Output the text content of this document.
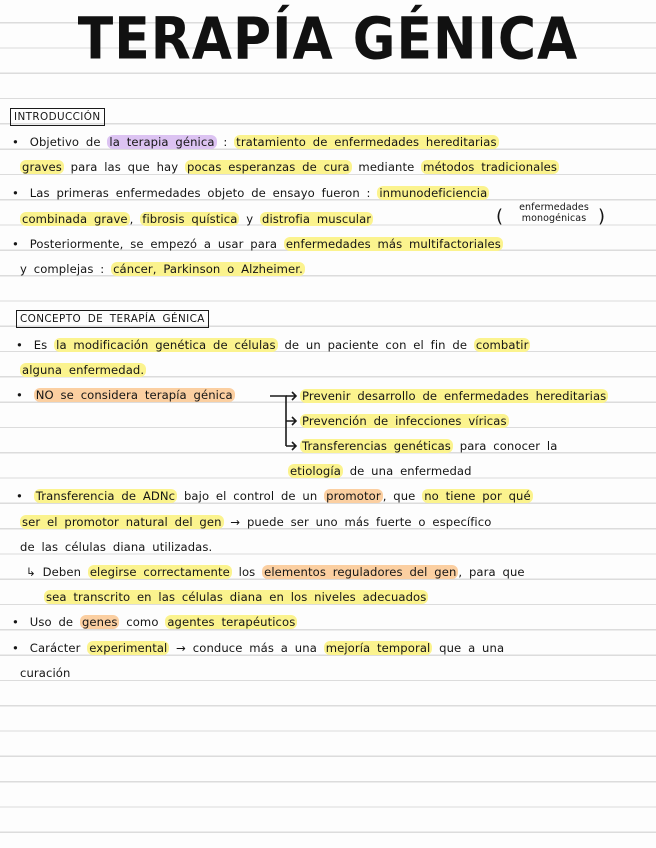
TERAPÍA GÉNICA
INTRODUCCIÓN
• Objetivo de la terapia génica : tratamiento de enfermedades hereditarias
graves para las que hay pocas esperanzas de cura mediante métodos tradicionales
• Las primeras enfermedades objeto de ensayo fueron : inmunodeficiencia
combinada grave , fibrosis quística y distrofia muscular	(	enfermedades
monogénicas )
• Posteriormente, se empezó a usar para enfermedades más multifactoriales
y complejas : cáncer, Parkinson o Alzheimer.
CONCEPTO DE TERAPÍA GÉNICA
• Es la modificación genética de células de un paciente con el fin de combatir
alguna enfermedad.
• NO se considera terapía génica	Prevenir desarrollo de enfermedades hereditarias
Prevención de infecciones víricas
Transferencias genéticas para conocer la
etiología de una enfermedad
• Transferencia de ADNc bajo el control de un promotor , que no tiene por qué
ser el promotor natural del gen → puede ser uno más fuerte o específico
de las células diana utilizadas.
↳ Deben elegirse correctamente los elementos reguladores del gen , para que
sea transcrito en las células diana en los niveles adecuados
• Uso de genes como agentes terapéuticos
• Carácter experimental → conduce más a una mejoría temporal que a una
curación
